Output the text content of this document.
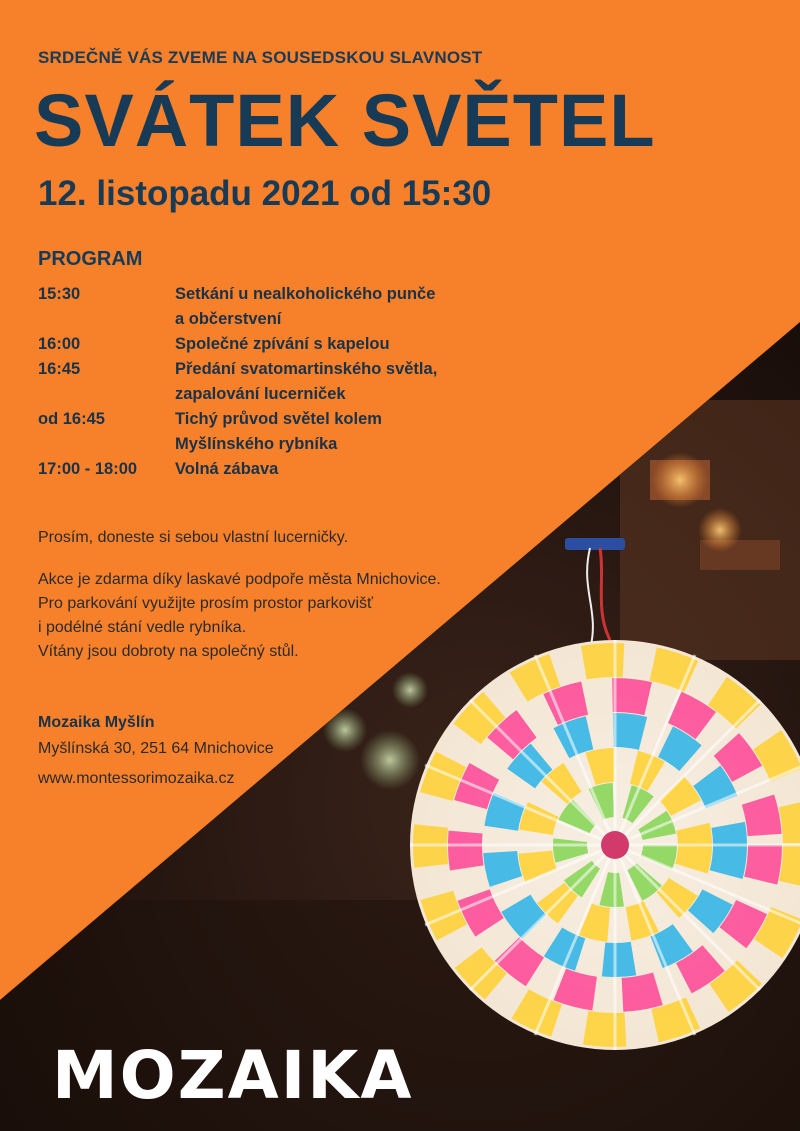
SRDEČNĚ VÁS ZVEME NA SOUSEDSKOU SLAVNOST
SVÁTEK SVĚTEL
12. listopadu 2021 od 15:30
PROGRAM
15:30	Setkání u nealkoholického punče
a občerstvení
16:00	Společné zpívání s kapelou
16:45	Předání svatomartinského světla,
zapalování lucerniček
od 16:45	Tichý průvod světel kolem
Myšlínského rybníka
17:00 - 18:00	Volná zábava
Prosím, doneste si sebou vlastní lucerničky.
Akce je zdarma díky laskavé podpoře města Mnichovice.
Pro parkování využijte prosím prostor parkovišť
i podélné stání vedle rybníka.
Vítány jsou dobroty na společný stůl.
Mozaika Myšlín
Myšlínská 30, 251 64 Mnichovice
www.montessorimozaika.cz
MOZAIKA
